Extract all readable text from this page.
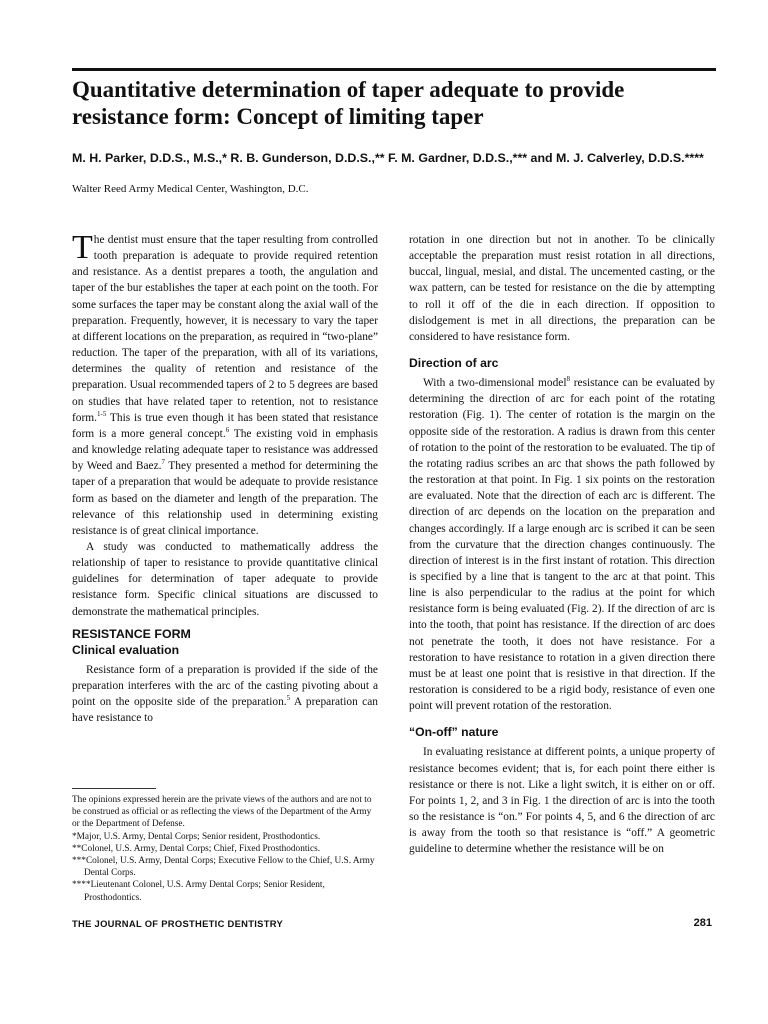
Quantitative determination of taper adequate to provide resistance form: Concept of limiting taper
M. H. Parker, D.D.S., M.S.,* R. B. Gunderson, D.D.S.,** F. M. Gardner, D.D.S.,*** and M. J. Calverley, D.D.S.****
Walter Reed Army Medical Center, Washington, D.C.

The dentist must ensure that the taper resulting from controlled tooth preparation is adequate to provide required retention and resistance. As a dentist prepares a tooth, the angulation and taper of the bur establishes the taper at each point on the tooth. For some surfaces the taper may be constant along the axial wall of the preparation. Frequently, however, it is necessary to vary the taper at different locations on the preparation, as required in “two-plane” reduction. The taper of the preparation, with all of its variations, determines the quality of retention and resistance of the preparation. Usual recommended tapers of 2 to 5 degrees are based on studies that have related taper to retention, not to resistance form.$^{1-5}$ This is true even though it has been stated that resistance form is a more general concept.$^6$ The existing void in emphasis and knowledge relating adequate taper to resistance was addressed by Weed and Baez.$^7$ They presented a method for determining the taper of a preparation that would be adequate to provide resistance form as based on the diameter and length of the preparation. The relevance of this relationship used in determining existing resistance is of great clinical importance.

A study was conducted to mathematically address the relationship of taper to resistance to provide quantitative clinical guidelines for determination of taper adequate to provide resistance form. Specific clinical situations are discussed to demonstrate the mathematical principles.

RESISTANCE FORM
Clinical evaluation

Resistance form of a preparation is provided if the side of the preparation interferes with the arc of the casting pivoting about a point on the opposite side of the preparation.$^5$ A preparation can have resistance to

rotation in one direction but not in another. To be clinically acceptable the preparation must resist rotation in all directions, buccal, lingual, mesial, and distal. The uncemented casting, or the wax pattern, can be tested for resistance on the die by attempting to roll it off of the die in each direction. If opposition to dislodgement is met in all directions, the preparation can be considered to have resistance form.

Direction of arc

With a two-dimensional model$^8$ resistance can be evaluated by determining the direction of arc for each point of the rotating restoration (Fig. 1). The center of rotation is the margin on the opposite side of the restoration. A radius is drawn from this center of rotation to the point of the restoration to be evaluated. The tip of the rotating radius scribes an arc that shows the path followed by the restoration at that point. In Fig. 1 six points on the restoration are evaluated. Note that the direction of each arc is different. The direction of arc depends on the location on the preparation and changes accordingly. If a large enough arc is scribed it can be seen from the curvature that the direction changes continuously. The direction of interest is in the first instant of rotation. This direction is specified by a line that is tangent to the arc at that point. This line is also perpendicular to the radius at the point for which resistance form is being evaluated (Fig. 2). If the direction of arc is into the tooth, that point has resistance. If the direction of arc does not penetrate the tooth, it does not have resistance. For a restoration to have resistance to rotation in a given direction there must be at least one point that is resistive in that direction. If the restoration is considered to be a rigid body, resistance of even one point will prevent rotation of the restoration.

“On-off” nature

In evaluating resistance at different points, a unique property of resistance becomes evident; that is, for each point there either is resistance or there is not. Like a light switch, it is either on or off. For points 1, 2, and 3 in Fig. 1 the direction of arc is into the tooth so the resistance is “on.” For points 4, 5, and 6 the direction of arc is away from the tooth so that resistance is “off.” A geometric guideline to determine whether the resistance will be on

The opinions expressed herein are the private views of the authors and are not to be construed as official or as reflecting the views of the Department of the Army or the Department of Defense.

*Major, U.S. Army, Dental Corps; Senior resident, Prosthodontics.

**Colonel, U.S. Army, Dental Corps; Chief, Fixed Prosthodontics.

***Colonel, U.S. Army, Dental Corps; Executive Fellow to the Chief, U.S. Army Dental Corps.

****Lieutenant Colonel, U.S. Army Dental Corps; Senior Resident, Prosthodontics.

THE JOURNAL OF PROSTHETIC DENTISTRY	281
